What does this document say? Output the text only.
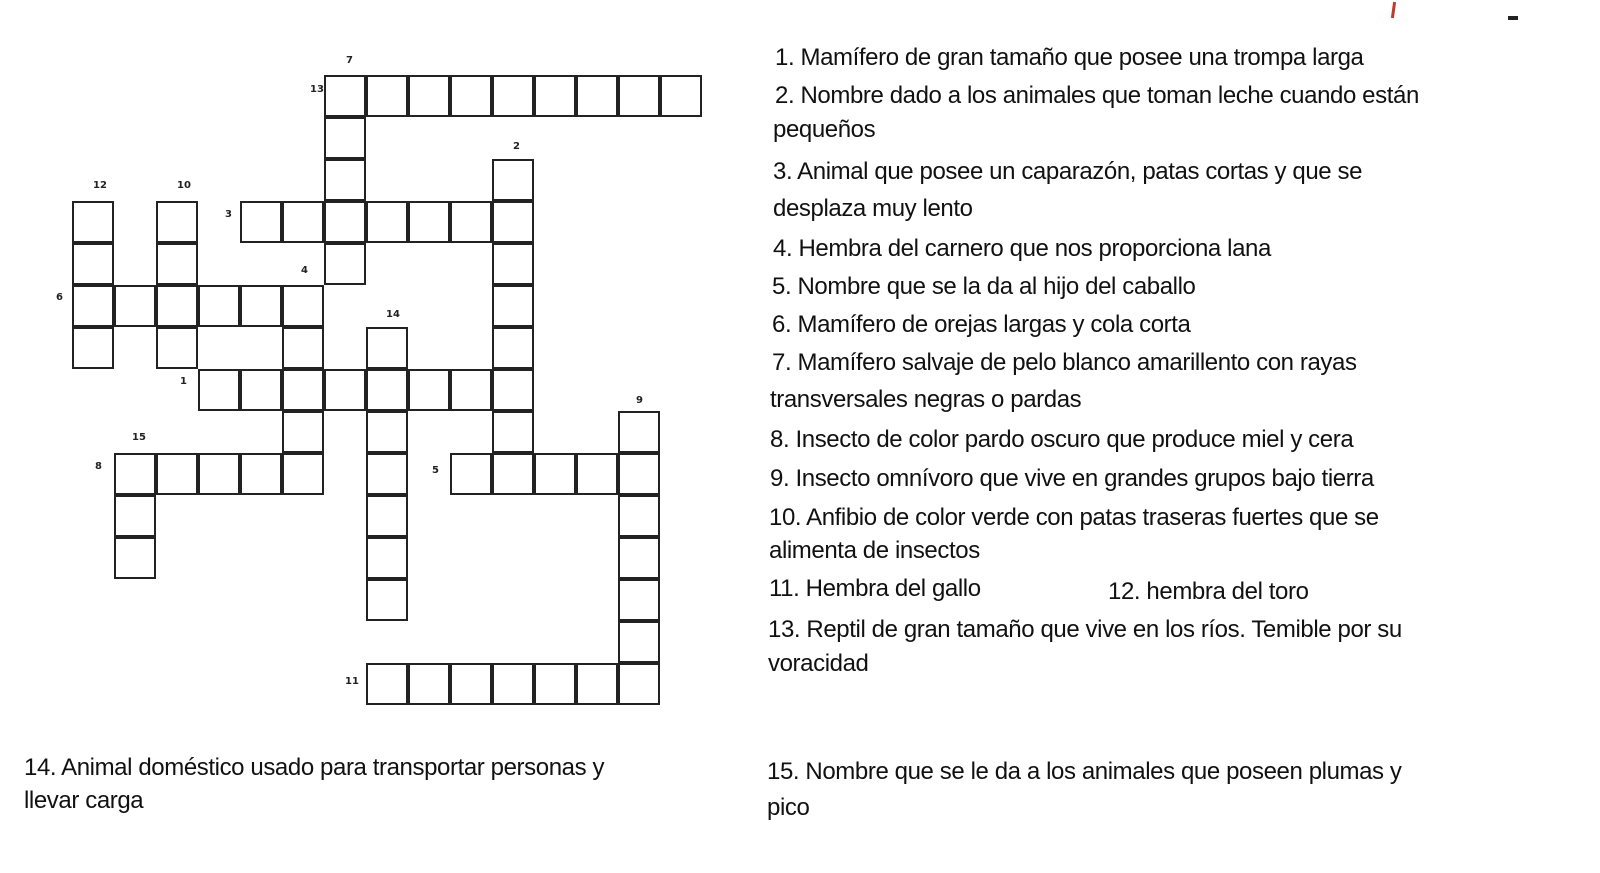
7
13
2
12	10
3
4
6
14
1
9
15
8	5
11
1. Mamífero de gran tamaño que posee una trompa larga
2. Nombre dado a los animales que toman leche cuando están
pequeños
3. Animal que posee un caparazón, patas cortas y que se
desplaza muy lento
4. Hembra del carnero que nos proporciona lana
5. Nombre que se la da al hijo del caballo
6. Mamífero de orejas largas y cola corta
7. Mamífero salvaje de pelo blanco amarillento con rayas
transversales negras o pardas
8. Insecto de color pardo oscuro que produce miel y cera
9. Insecto omnívoro que vive en grandes grupos bajo tierra
10. Anfibio de color verde con patas traseras fuertes que se
alimenta de insectos
11. Hembra del gallo	12. hembra del toro
13. Reptil de gran tamaño que vive en los ríos. Temible por su
voracidad
14. Animal doméstico usado para transportar personas y
llevar carga
15. Nombre que se le da a los animales que poseen plumas y
pico
